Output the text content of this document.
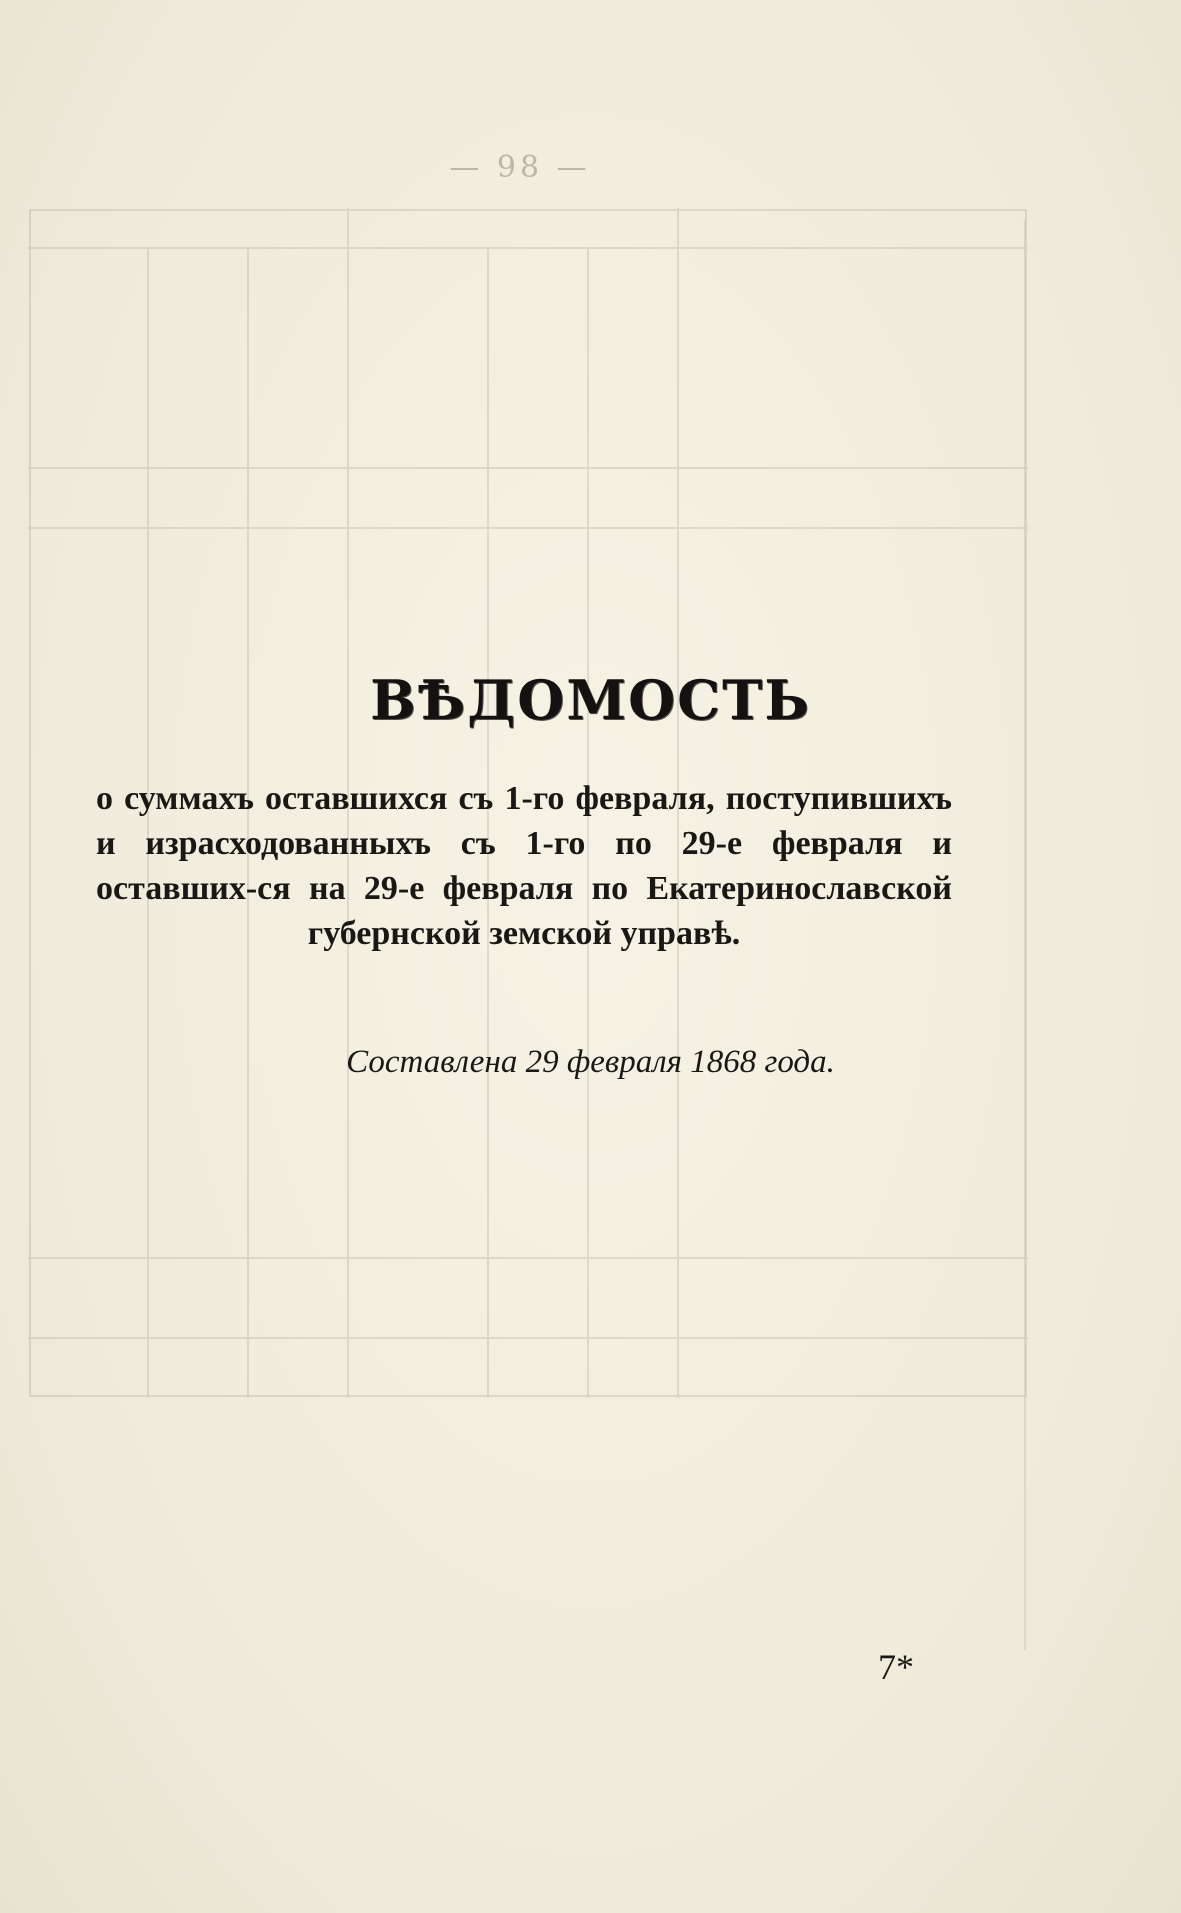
— 98 —
ВѢДОМОСТЬ
о суммахъ оставшихся съ 1-го февраля, поступившихъ и израсходованныхъ съ 1-го по 29-е февраля и оставших-ся на 29-е февраля по Екатеринославской губернской земской управѣ.
Составлена 29 февраля 1868 года.
7*
